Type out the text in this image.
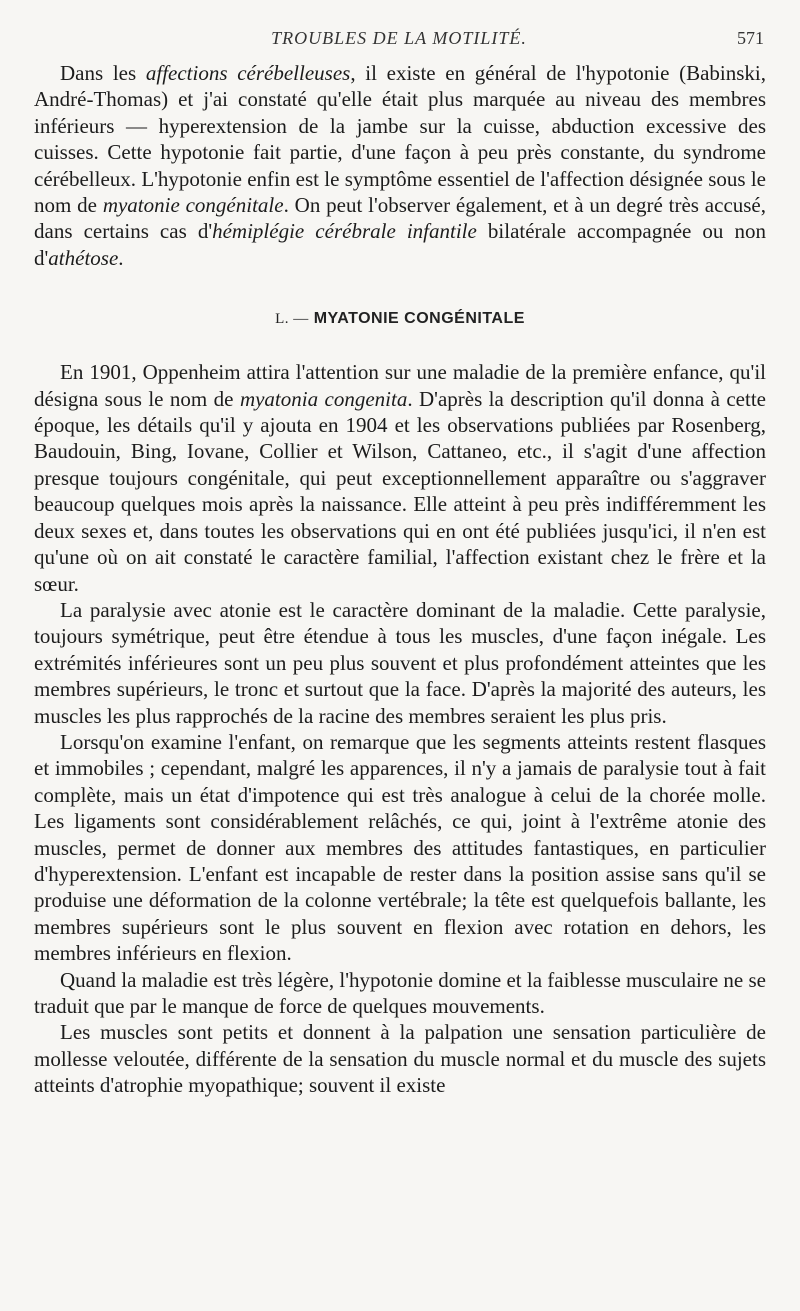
TROUBLES DE LA MOTILITÉ.	571

Dans les affections cérébelleuses, il existe en général de l'hypotonie (Babinski, André-Thomas) et j'ai constaté qu'elle était plus marquée au niveau des membres inférieurs — hyperextension de la jambe sur la cuisse, abduction excessive des cuisses. Cette hypotonie fait partie, d'une façon à peu près constante, du syndrome cérébelleux. L'hypotonie enfin est le symptôme essentiel de l'affection désignée sous le nom de myatonie congénitale. On peut l'observer également, et à un degré très accusé, dans certains cas d'hémiplégie cérébrale infantile bilatérale accompagnée ou non d'athétose.

L. — MYATONIE CONGÉNITALE

En 1901, Oppenheim attira l'attention sur une maladie de la première enfance, qu'il désigna sous le nom de myatonia congenita. D'après la description qu'il donna à cette époque, les détails qu'il y ajouta en 1904 et les observations publiées par Rosenberg, Baudouin, Bing, Iovane, Collier et Wilson, Cattaneo, etc., il s'agit d'une affection presque toujours congénitale, qui peut exceptionnellement apparaître ou s'aggraver beaucoup quelques mois après la naissance. Elle atteint à peu près indifféremment les deux sexes et, dans toutes les observations qui en ont été publiées jusqu'ici, il n'en est qu'une où on ait constaté le caractère familial, l'affection existant chez le frère et la sœur.

La paralysie avec atonie est le caractère dominant de la maladie. Cette paralysie, toujours symétrique, peut être étendue à tous les muscles, d'une façon inégale. Les extrémités inférieures sont un peu plus souvent et plus profondément atteintes que les membres supérieurs, le tronc et surtout que la face. D'après la majorité des auteurs, les muscles les plus rapprochés de la racine des membres seraient les plus pris.

Lorsqu'on examine l'enfant, on remarque que les segments atteints restent flasques et immobiles ; cependant, malgré les apparences, il n'y a jamais de paralysie tout à fait complète, mais un état d'impotence qui est très analogue à celui de la chorée molle. Les ligaments sont considérablement relâchés, ce qui, joint à l'extrême atonie des muscles, permet de donner aux membres des attitudes fantastiques, en particulier d'hyperextension. L'enfant est incapable de rester dans la position assise sans qu'il se produise une déformation de la colonne vertébrale; la tête est quelquefois ballante, les membres supérieurs sont le plus souvent en flexion avec rotation en dehors, les membres inférieurs en flexion.

Quand la maladie est très légère, l'hypotonie domine et la faiblesse musculaire ne se traduit que par le manque de force de quelques mouvements.

Les muscles sont petits et donnent à la palpation une sensation particulière de mollesse veloutée, différente de la sensation du muscle normal et du muscle des sujets atteints d'atrophie myopathique; souvent il existe
